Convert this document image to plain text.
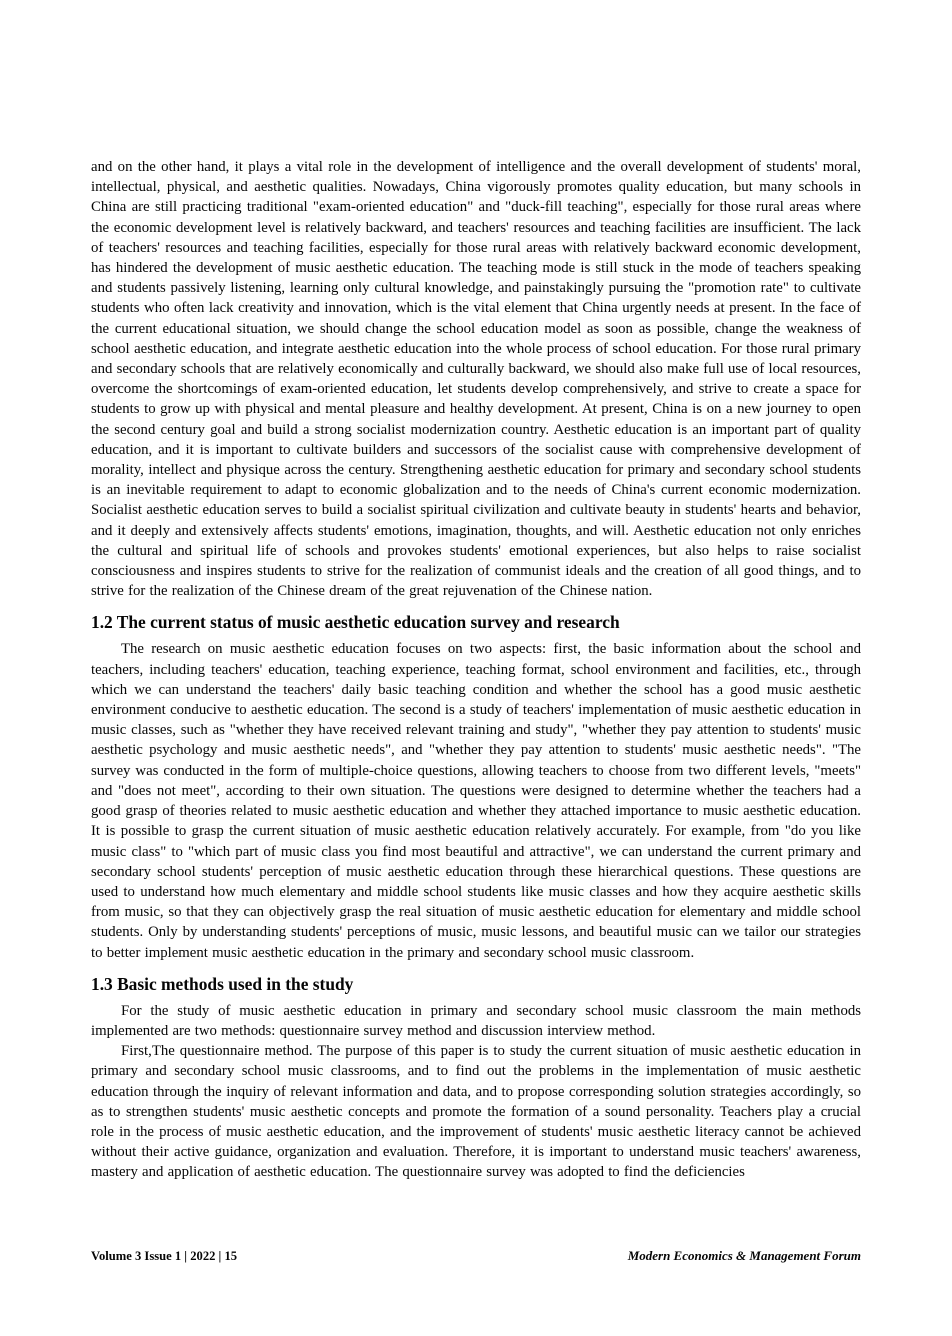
and on the other hand, it plays a vital role in the development of intelligence and the overall development of students' moral, intellectual, physical, and aesthetic qualities. Nowadays, China vigorously promotes quality education, but many schools in China are still practicing traditional "exam-oriented education" and "duck-fill teaching", especially for those rural areas where the economic development level is relatively backward, and teachers' resources and teaching facilities are insufficient. The lack of teachers' resources and teaching facilities, especially for those rural areas with relatively backward economic development, has hindered the development of music aesthetic education. The teaching mode is still stuck in the mode of teachers speaking and students passively listening, learning only cultural knowledge, and painstakingly pursuing the "promotion rate" to cultivate students who often lack creativity and innovation, which is the vital element that China urgently needs at present. In the face of the current educational situation, we should change the school education model as soon as possible, change the weakness of school aesthetic education, and integrate aesthetic education into the whole process of school education. For those rural primary and secondary schools that are relatively economically and culturally backward, we should also make full use of local resources, overcome the shortcomings of exam-oriented education, let students develop comprehensively, and strive to create a space for students to grow up with physical and mental pleasure and healthy development. At present, China is on a new journey to open the second century goal and build a strong socialist modernization country. Aesthetic education is an important part of quality education, and it is important to cultivate builders and successors of the socialist cause with comprehensive development of morality, intellect and physique across the century. Strengthening aesthetic education for primary and secondary school students is an inevitable requirement to adapt to economic globalization and to the needs of China's current economic modernization. Socialist aesthetic education serves to build a socialist spiritual civilization and cultivate beauty in students' hearts and behavior, and it deeply and extensively affects students' emotions, imagination, thoughts, and will. Aesthetic education not only enriches the cultural and spiritual life of schools and provokes students' emotional experiences, but also helps to raise socialist consciousness and inspires students to strive for the realization of communist ideals and the creation of all good things, and to strive for the realization of the Chinese dream of the great rejuvenation of the Chinese nation.

1.2 The current status of music aesthetic education survey and research

The research on music aesthetic education focuses on two aspects: first, the basic information about the school and teachers, including teachers' education, teaching experience, teaching format, school environment and facilities, etc., through which we can understand the teachers' daily basic teaching condition and whether the school has a good music aesthetic environment conducive to aesthetic education. The second is a study of teachers' implementation of music aesthetic education in music classes, such as "whether they have received relevant training and study", "whether they pay attention to students' music aesthetic psychology and music aesthetic needs", and "whether they pay attention to students' music aesthetic needs". "The survey was conducted in the form of multiple-choice questions, allowing teachers to choose from two different levels, "meets" and "does not meet", according to their own situation. The questions were designed to determine whether the teachers had a good grasp of theories related to music aesthetic education and whether they attached importance to music aesthetic education. It is possible to grasp the current situation of music aesthetic education relatively accurately. For example, from "do you like music class" to "which part of music class you find most beautiful and attractive", we can understand the current primary and secondary school students' perception of music aesthetic education through these hierarchical questions. These questions are used to understand how much elementary and middle school students like music classes and how they acquire aesthetic skills from music, so that they can objectively grasp the real situation of music aesthetic education for elementary and middle school students. Only by understanding students' perceptions of music, music lessons, and beautiful music can we tailor our strategies to better implement music aesthetic education in the primary and secondary school music classroom.

1.3 Basic methods used in the study

For the study of music aesthetic education in primary and secondary school music classroom the main methods implemented are two methods: questionnaire survey method and discussion interview method.

First,The questionnaire method. The purpose of this paper is to study the current situation of music aesthetic education in primary and secondary school music classrooms, and to find out the problems in the implementation of music aesthetic education through the inquiry of relevant information and data, and to propose corresponding solution strategies accordingly, so as to strengthen students' music aesthetic concepts and promote the formation of a sound personality. Teachers play a crucial role in the process of music aesthetic education, and the improvement of students' music aesthetic literacy cannot be achieved without their active guidance, organization and evaluation. Therefore, it is important to understand music teachers' awareness, mastery and application of aesthetic education. The questionnaire survey was adopted to find the deficiencies

Volume 3 Issue 1 | 2022 | 15	Modern Economics & Management Forum
